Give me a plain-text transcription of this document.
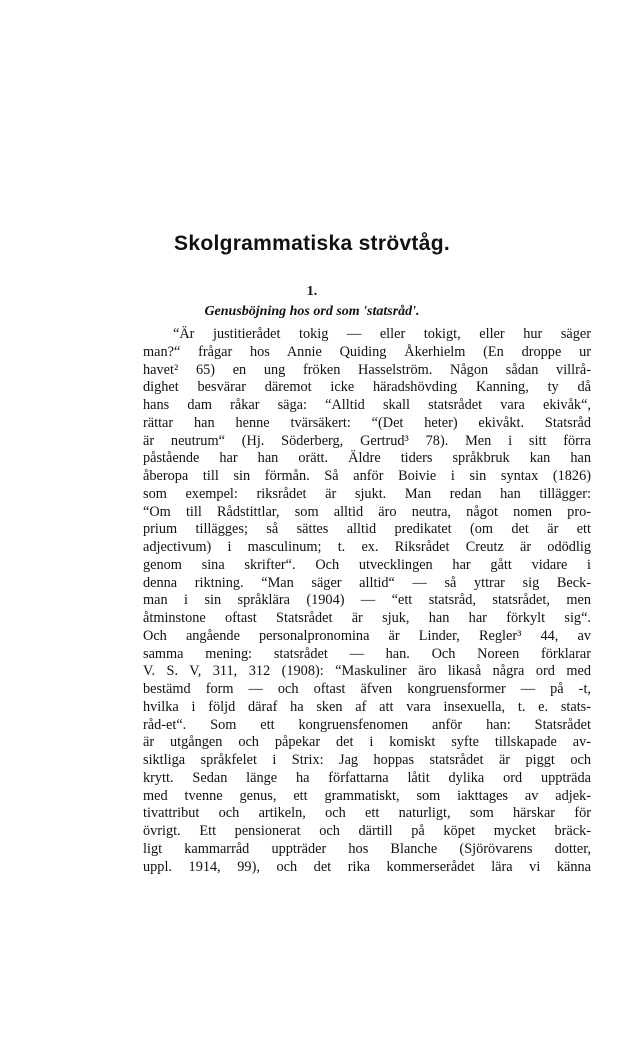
Skolgrammatiska strövtåg.
1.
Genusböjning hos ord som 'statsråd'.
“Är justitierådet tokig — eller tokigt, eller hur säger
man?“ frågar hos Annie Quiding Åkerhielm (En droppe ur
havet² 65) en ung fröken Hasselström. Någon sådan villrå-
dighet besvärar däremot icke häradshövding Kanning, ty då
hans dam råkar säga: “Alltid skall statsrådet vara ekivåk“,
rättar han henne tvärsäkert: “(Det heter) ekivåkt. Statsråd
är neutrum“ (Hj. Söderberg, Gertrud³ 78). Men i sitt förra
påstående har han orätt. Äldre tiders språkbruk kan han
åberopa till sin förmån. Så anför Boivie i sin syntax (1826)
som exempel: riksrådet är sjukt. Man redan han tillägger:
“Om till Rådstittlar, som alltid äro neutra, något nomen pro-
prium tillägges; så sättes alltid predikatet (om det är ett
adjectivum) i masculinum; t. ex. Riksrådet Creutz är odödlig
genom sina skrifter“. Och utvecklingen har gått vidare i
denna riktning. “Man säger alltid“ — så yttrar sig Beck-
man i sin språklära (1904) — “ett statsråd, statsrådet, men
åtminstone oftast Statsrådet är sjuk, han har förkylt sig“.
Och angående personalpronomina är Linder, Regler³ 44, av
samma mening: statsrådet — han. Och Noreen förklarar
V. S. V, 311, 312 (1908): “Maskuliner äro likaså några ord med
bestämd form — och oftast äfven kongruensformer — på -t,
hvilka i följd däraf ha sken af att vara insexuella, t. e. stats-
råd-et“. Som ett kongruensfenomen anför han: Statsrådet
är utgången och påpekar det i komiskt syfte tillskapade av-
siktliga språkfelet i Strix: Jag hoppas statsrådet är piggt och
krytt. Sedan länge ha författarna låtit dylika ord uppträda
med tvenne genus, ett grammatiskt, som iakttages av adjek-
tivattribut och artikeln, och ett naturligt, som härskar för
övrigt. Ett pensionerat och därtill på köpet mycket bräck-
ligt kammarråd uppträder hos Blanche (Sjörövarens dotter,
uppl. 1914, 99), och det rika kommerserådet lära vi känna
